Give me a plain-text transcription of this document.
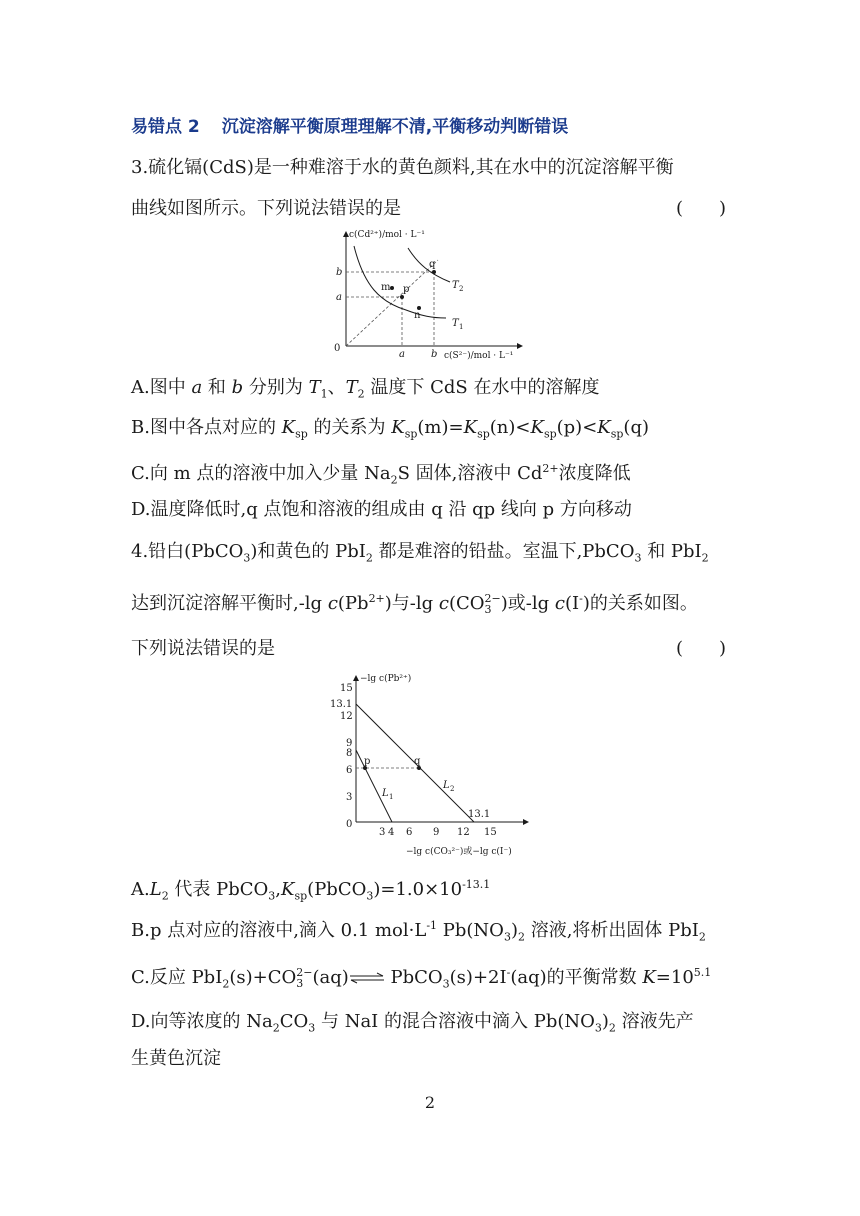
易错点 2 沉淀溶解平衡原理理解不清,平衡移动判断错误
3.硫化镉(CdS)是一种难溶于水的黄色颜料,其在水中的沉淀溶解平衡
曲线如图所示。下列说法错误的是	(　　)
c(Cd²⁺)/mol · L⁻¹
c(S²⁻)/mol · L⁻¹
0
m p
n
q
b
a
a	b
T 1
T 2
A.图中 a 和 b 分别为 $T_1$、$T_2$ 温度下 CdS 在水中的溶解度
B.图中各点对应的 $K_{sp}$ 的关系为 $K_{sp}(m)=K_{sp}(n)<K_{sp}(p)<K_{sp}(q)$
C.向 m 点的溶液中加入少量 $Na_2S$ 固体,溶液中 $Cd^{2+}$浓度降低
D.温度降低时,q 点饱和溶液的组成由 q 沿 qp 线向 p 方向移动
4.铅白(PbCO$_3$)和黄色的 PbI$_2$ 都是难溶的铅盐。室温下,PbCO$_3$ 和 PbI$_2$
达到沉淀溶解平衡时,-lg $c(Pb^{2+})$与-lg c(CO 2−
3 )或-lg c(I-)的关系如图。
下列说法错误的是	(　　)
−lg c(Pb²⁺)
−lg c(CO₃²⁻)或−lg c(I⁻)
15
13.1
12
9
8
6
3
0
3 4 6 9 12 15
p	q
L 1
L 2
13.1
$A.L_2$ 代表 $PbCO_3,K_{sp}(PbCO_3)=1.0\times 10^{-13.1}$
B.p 点对应的溶液中,滴入 0.1 $mol\cdot L^{-1}$ $Pb(NO_3)_2$ 溶液,将析出固体 PbI$_2$
C.反应 PbI$_2$(s)+CO 2−
3 (aq)⇌ PbCO$_3$(s)+2I-(aq)的平衡常数 $K=10^{5.1}$
D.向等浓度的 $Na_2CO_3$ 与 NaI 的混合溶液中滴入 $Pb(NO_3)_2$ 溶液先产
生黄色沉淀
2
